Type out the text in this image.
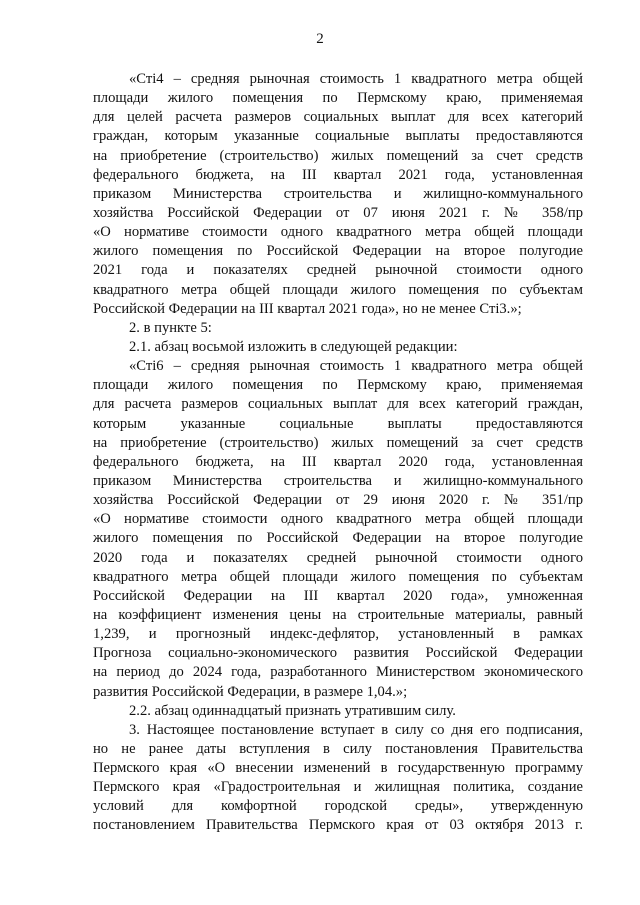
2
«Сті4 – средняя рыночная стоимость 1 квадратного метра общей
площади жилого помещения по Пермскому краю, применяемая
для целей расчета размеров социальных выплат для всех категорий
граждан, которым указанные социальные выплаты предоставляются
на приобретение (строительство) жилых помещений за счет средств
федерального бюджета, на III квартал 2021 года, установленная
приказом Министерства строительства и жилищно-коммунального
хозяйства Российской Федерации от 07 июня 2021 г. № 358/пр
«О нормативе стоимости одного квадратного метра общей площади
жилого помещения по Российской Федерации на второе полугодие
2021 года и показателях средней рыночной стоимости одного
квадратного метра общей площади жилого помещения по субъектам
Российской Федерации на III квартал 2021 года», но не менее Сті3.»;
2. в пункте 5:
2.1. абзац восьмой изложить в следующей редакции:
«Сті6 – средняя рыночная стоимость 1 квадратного метра общей
площади жилого помещения по Пермскому краю, применяемая
для расчета размеров социальных выплат для всех категорий граждан,
которым указанные социальные выплаты предоставляются
на приобретение (строительство) жилых помещений за счет средств
федерального бюджета, на III квартал 2020 года, установленная
приказом Министерства строительства и жилищно-коммунального
хозяйства Российской Федерации от 29 июня 2020 г. № 351/пр
«О нормативе стоимости одного квадратного метра общей площади
жилого помещения по Российской Федерации на второе полугодие
2020 года и показателях средней рыночной стоимости одного
квадратного метра общей площади жилого помещения по субъектам
Российской Федерации на III квартал 2020 года», умноженная
на коэффициент изменения цены на строительные материалы, равный
1,239, и прогнозный индекс-дефлятор, установленный в рамках
Прогноза социально-экономического развития Российской Федерации
на период до 2024 года, разработанного Министерством экономического
развития Российской Федерации, в размере 1,04.»;
2.2. абзац одиннадцатый признать утратившим силу.
3. Настоящее постановление вступает в силу со дня его подписания,
но не ранее даты вступления в силу постановления Правительства
Пермского края «О внесении изменений в государственную программу
Пермского края «Градостроительная и жилищная политика, создание
условий для комфортной городской среды», утвержденную
постановлением Правительства Пермского края от 03 октября 2013 г.
